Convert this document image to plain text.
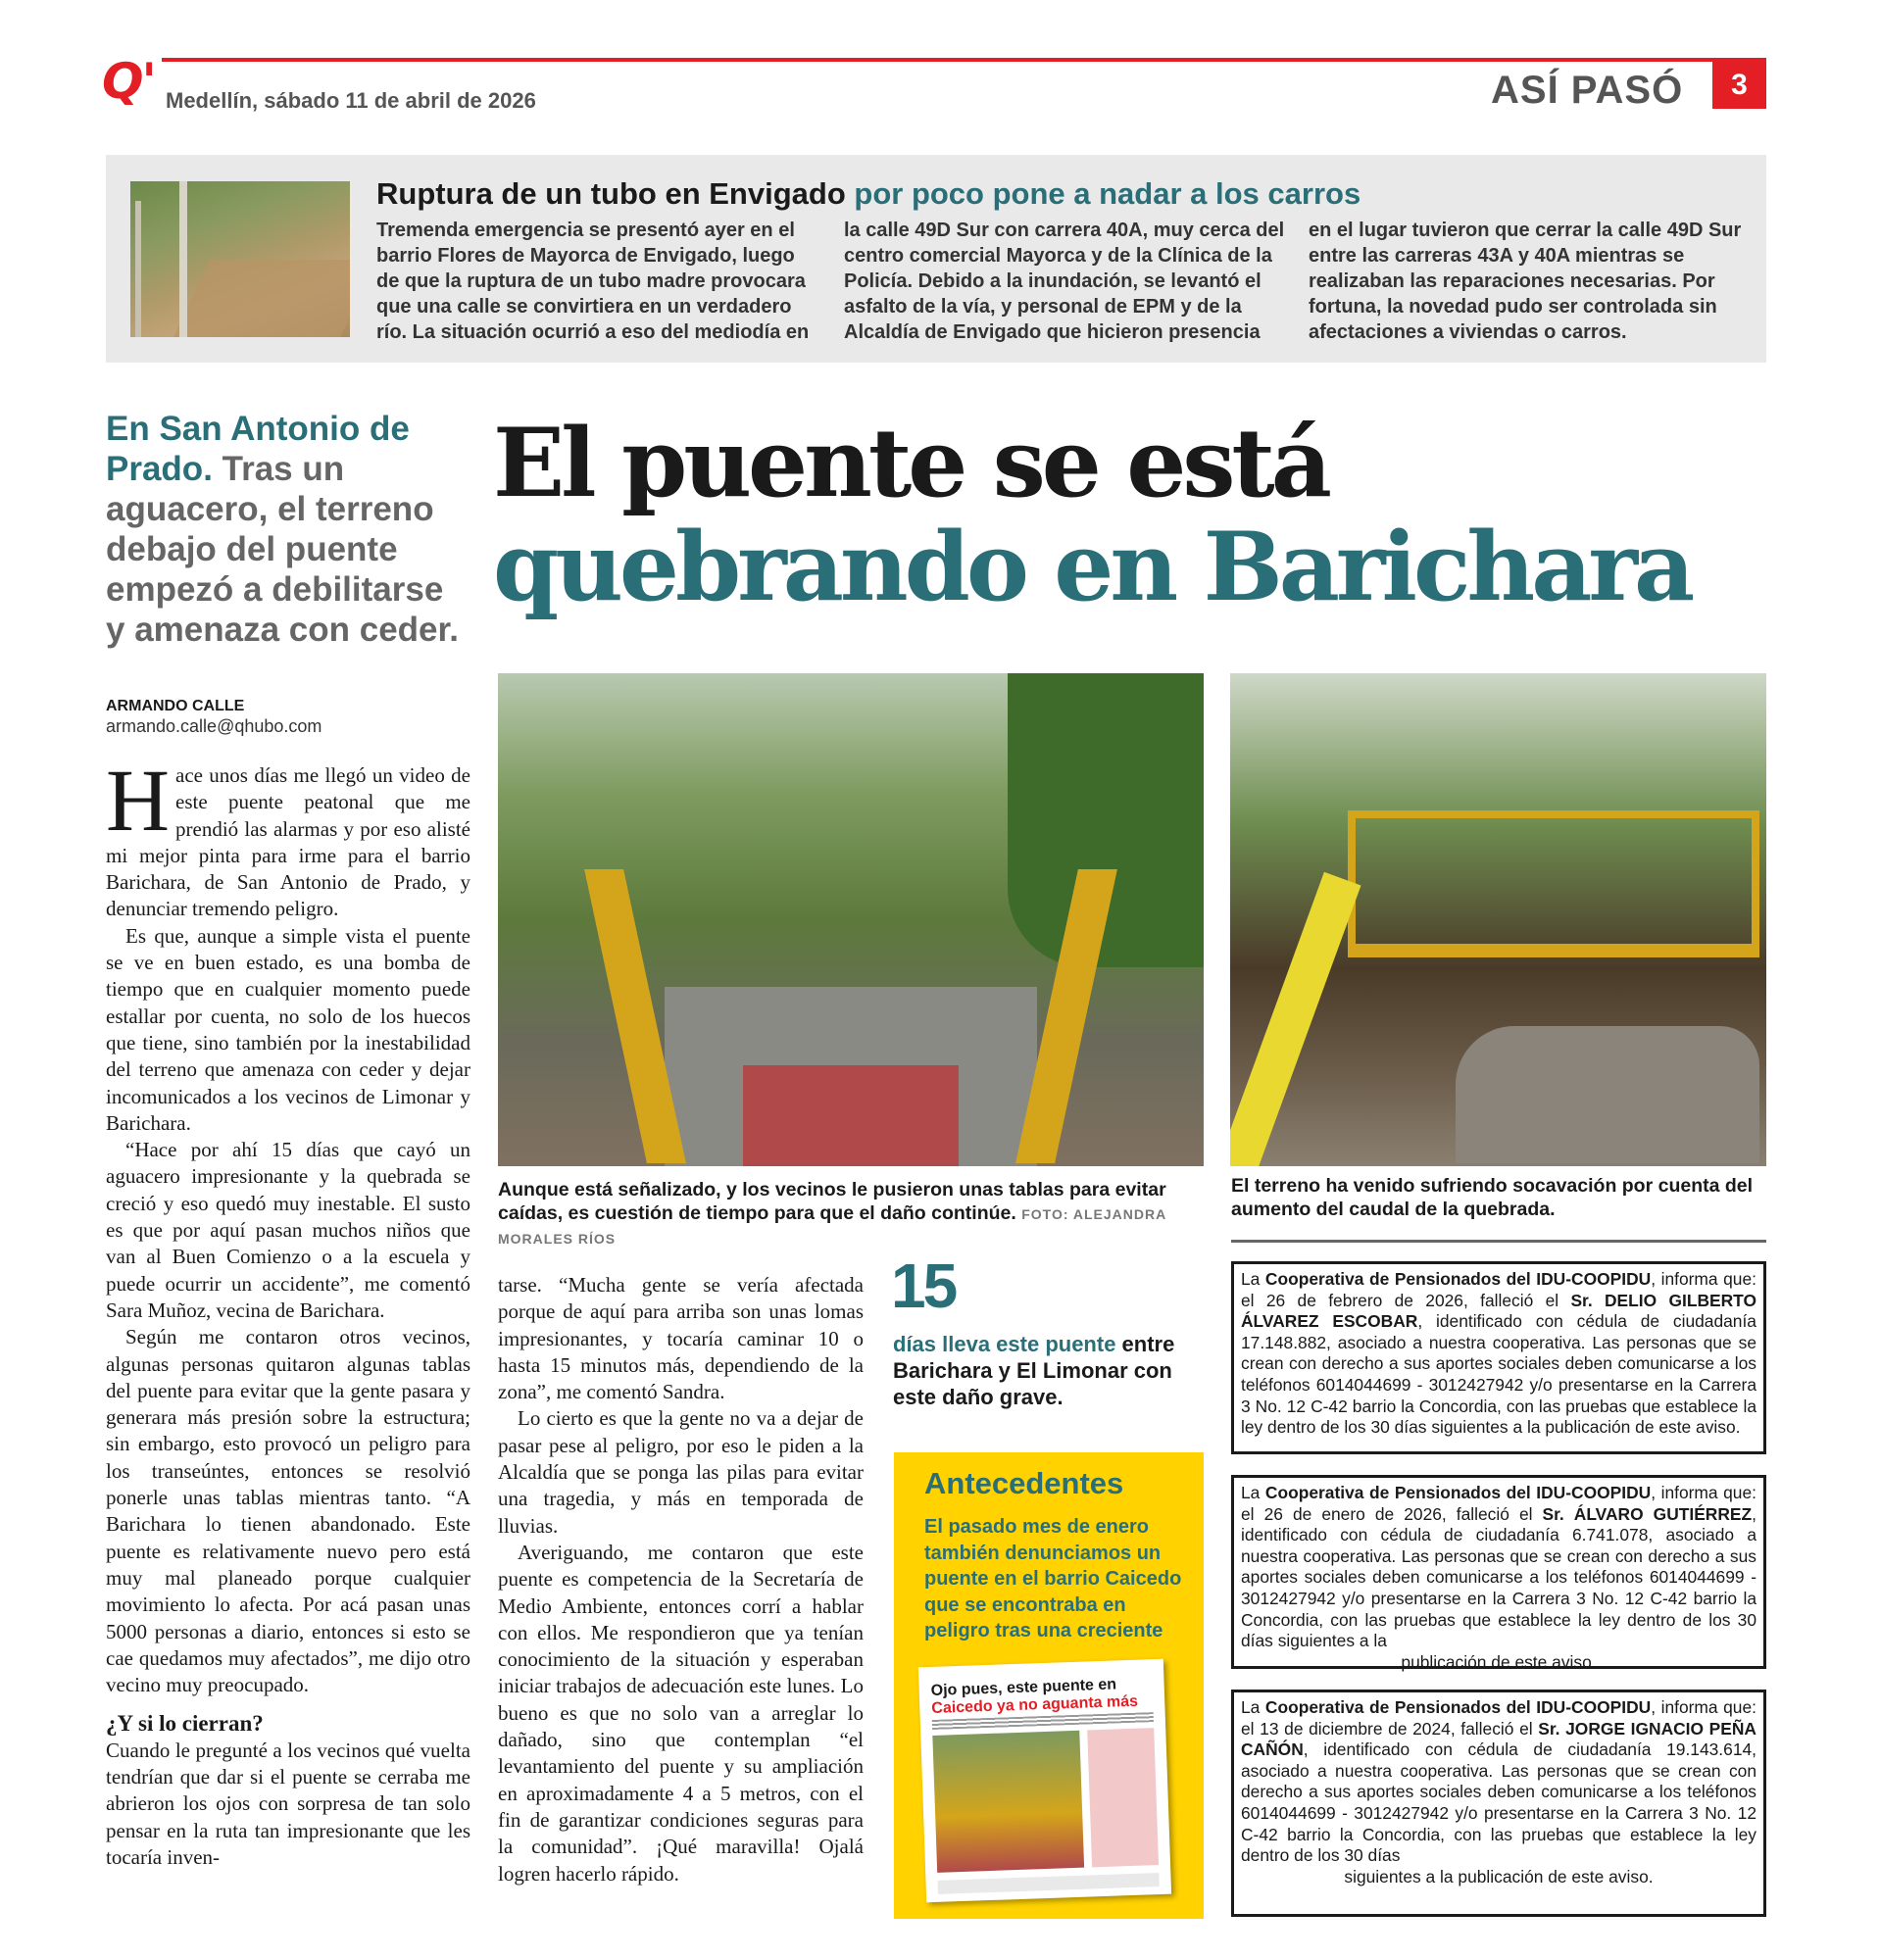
Q' Medellín, sábado 11 de abril de 2026	ASÍ PASÓ	3
Ruptura de un tubo en Envigado por poco pone a nadar a los carros
Tremenda emergencia se presentó ayer en el barrio Flores de Mayorca de Envigado, luego de que la ruptura de un tubo madre provocara que una calle se convirtiera en un verdadero río. La situación ocurrió a eso del mediodía en
la calle 49D Sur con carrera 40A, muy cerca del centro comercial Mayorca y de la Clínica de la Policía. Debido a la inundación, se levantó el asfalto de la vía, y personal de EPM y de la Alcaldía de Envigado que hicieron presencia
en el lugar tuvieron que cerrar la calle 49D Sur entre las carreras 43A y 40A mientras se realizaban las reparaciones necesarias. Por fortuna, la novedad pudo ser controlada sin afectaciones a viviendas o carros.
En San Antonio de Prado. Tras un aguacero, el terreno debajo del puente empezó a debilitarse y amenaza con ceder.
El puente se está
quebrando en Baricharа
ARMANDO CALLE
armando.calle@qhubo.com

Hace unos días me llegó un video de este puente peatonal que me prendió las alarmas y por eso alisté mi mejor pinta para irme para el barrio Barichara, de San Antonio de Prado, y denunciar tremendo peligro.

Es que, aunque a simple vista el puente se ve en buen estado, es una bomba de tiempo que en cualquier momento puede estallar por cuenta, no solo de los huecos que tiene, sino también por la inestabilidad del terreno que amenaza con ceder y dejar incomunicados a los vecinos de Limonar y Barichara.

“Hace por ahí 15 días que cayó un aguacero impresionante y la quebrada se creció y eso quedó muy inestable. El susto es que por aquí pasan muchos niños que van al Buen Comienzo o a la escuela y puede ocurrir un accidente”, me comentó Sara Muñoz, vecina de Barichara.

Según me contaron otros vecinos, algunas personas quitaron algunas tablas del puente para evitar que la gente pasara y generara más presión sobre la estructura; sin embargo, esto provocó un peligro para los transeúntes, entonces se resolvió ponerle unas tablas mientras tanto. “A Barichara lo tienen abandonado. Este puente es relativamente nuevo pero está muy mal planeado porque cualquier movimiento lo afecta. Por acá pasan unas 5000 personas a diario, entonces si esto se cae quedamos muy afectados”, me dijo otro vecino muy preocupado.

¿Y si lo cierran?

Cuando le pregunté a los vecinos qué vuelta tendrían que dar si el puente se cerraba me abrieron los ojos con sorpresa de tan solo pensar en la ruta tan impresionante que les tocaría inven-

Aunque está señalizado, y los vecinos le pusieron unas tablas para evitar caídas, es cuestión de tiempo para que el daño continúe. FOTO: ALEJANDRA MORALES RÍOS
El terreno ha venido sufriendo socavación por cuenta del aumento del caudal de la quebrada.

tarse. “Mucha gente se vería afectada porque de aquí para arriba son unas lomas impresionantes, y tocaría caminar 10 o hasta 15 minutos más, dependiendo de la zona”, me comentó Sandra.

Lo cierto es que la gente no va a dejar de pasar pese al peligro, por eso le piden a la Alcaldía que se ponga las pilas para evitar una tragedia, y más en temporada de lluvias.

Averiguando, me contaron que este puente es competencia de la Secretaría de Medio Ambiente, entonces corrí a hablar con ellos. Me respondieron que ya tenían conocimiento de la situación y esperaban iniciar trabajos de adecuación este lunes. Lo bueno es que no solo van a arreglar lo dañado, sino que contemplan “el levantamiento del puente y su ampliación en aproximadamente 4 a 5 metros, con el fin de garantizar condiciones seguras para la comunidad”. ¡Qué maravilla! Ojalá logren hacerlo rápido.

15
días lleva este puente entre Barichara y El Limonar con este daño grave.
Antecedentes
El pasado mes de enero también denunciamos un puente en el barrio Caicedo que se encontraba en peligro tras una creciente
Ojo pues, este puente en
Caicedo ya no aguanta más
La Cooperativa de Pensionados del IDU-COOPIDU, informa que: el 26 de febrero de 2026, falleció el Sr. DELIO GILBERTO ÁLVAREZ ESCOBAR, identificado con cédula de ciudadanía 17.148.882, asociado a nuestra cooperativa. Las personas que se crean con derecho a sus aportes sociales deben comunicarse a los teléfonos 6014044699 - 3012427942 y/o presentarse en la Carrera 3 No. 12 C-42 barrio la Concordia, con las pruebas que establece la ley dentro de los 30 días siguientes a la publicación de este aviso.
La Cooperativa de Pensionados del IDU-COOPIDU, informa que: el 26 de enero de 2026, falleció el Sr. ÁLVARO GUTIÉRREZ, identificado con cédula de ciudadanía 6.741.078, asociado a nuestra cooperativa. Las personas que se crean con derecho a sus aportes sociales deben comunicarse a los teléfonos 6014044699 - 3012427942 y/o presentarse en la Carrera 3 No. 12 C-42 barrio la Concordia, con las pruebas que establece la ley dentro de los 30 días siguientes a la
publicación de este aviso.
La Cooperativa de Pensionados del IDU-COOPIDU, informa que: el 13 de diciembre de 2024, falleció el Sr. JORGE IGNACIO PEÑA CAÑÓN, identificado con cédula de ciudadanía 19.143.614, asociado a nuestra cooperativa. Las personas que se crean con derecho a sus aportes sociales deben comunicarse a los teléfonos 6014044699 - 3012427942 y/o presentarse en la Carrera 3 No. 12 C-42 barrio la Concordia, con las pruebas que establece la ley dentro de los 30 días
siguientes a la publicación de este aviso.
